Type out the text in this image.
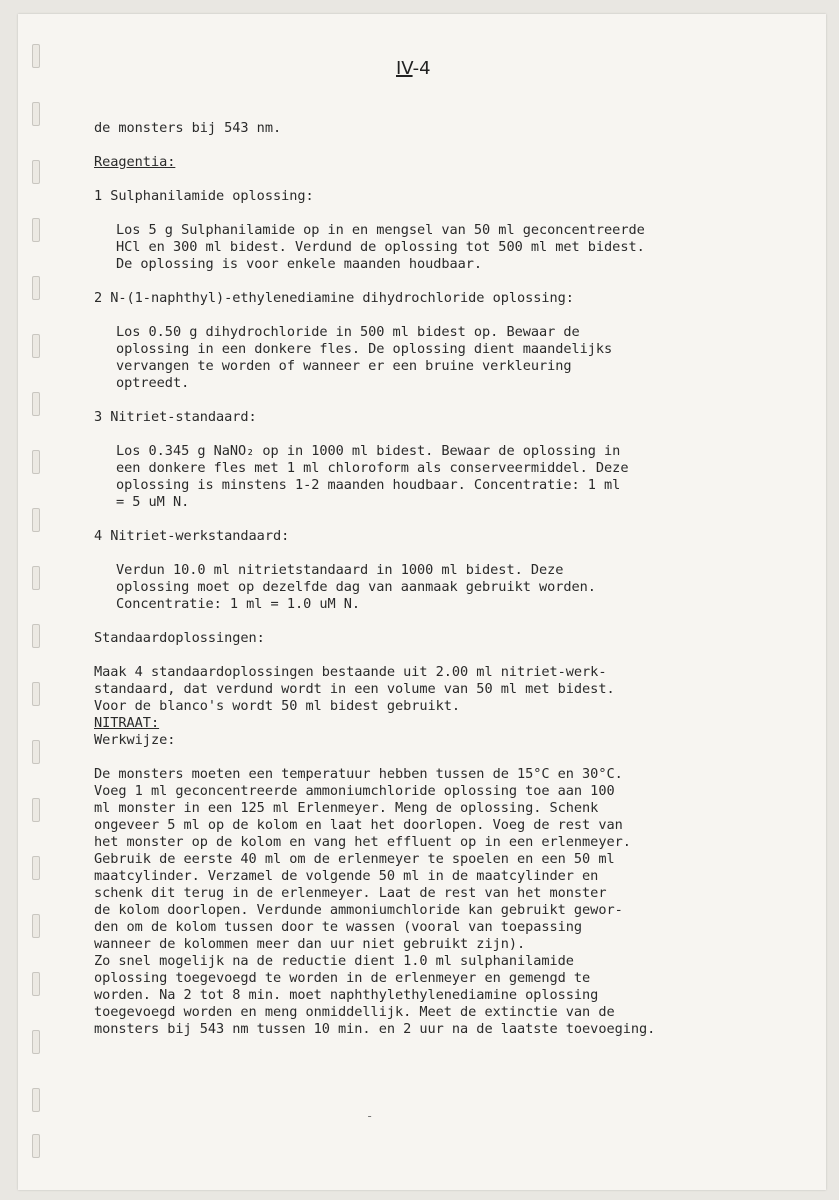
IV-4
de monsters bij 543 nm.
Reagentia:
1 Sulphanilamide oplossing:
Los 5 g Sulphanilamide op in en mengsel van 50 ml geconcentreerde
HCl en 300 ml bidest. Verdund de oplossing tot 500 ml met bidest.
De oplossing is voor enkele maanden houdbaar.
2 N-(1-naphthyl)-ethylenediamine dihydrochloride oplossing:
Los 0.50 g dihydrochloride in 500 ml bidest op. Bewaar de
oplossing in een donkere fles. De oplossing dient maandelijks
vervangen te worden of wanneer er een bruine verkleuring
optreedt.
3 Nitriet-standaard:
Los 0.345 g NaNO₂ op in 1000 ml bidest. Bewaar de oplossing in
een donkere fles met 1 ml chloroform als conserveermiddel. Deze
oplossing is minstens 1-2 maanden houdbaar. Concentratie: 1 ml
= 5 uM N.
4 Nitriet-werkstandaard:
Verdun 10.0 ml nitrietstandaard in 1000 ml bidest. Deze
oplossing moet op dezelfde dag van aanmaak gebruikt worden.
Concentratie: 1 ml = 1.0 uM N.
Standaardoplossingen:
Maak 4 standaardoplossingen bestaande uit 2.00 ml nitriet-werk-
standaard, dat verdund wordt in een volume van 50 ml met bidest.
Voor de blanco's wordt 50 ml bidest gebruikt.
NITRAAT:
Werkwijze:
De monsters moeten een temperatuur hebben tussen de 15°C en 30°C.
Voeg 1 ml geconcentreerde ammoniumchloride oplossing toe aan 100
ml monster in een 125 ml Erlenmeyer. Meng de oplossing. Schenk
ongeveer 5 ml op de kolom en laat het doorlopen. Voeg de rest van
het monster op de kolom en vang het effluent op in een erlenmeyer.
Gebruik de eerste 40 ml om de erlenmeyer te spoelen en een 50 ml
maatcylinder. Verzamel de volgende 50 ml in de maatcylinder en
schenk dit terug in de erlenmeyer. Laat de rest van het monster
de kolom doorlopen. Verdunde ammoniumchloride kan gebruikt gewor-
den om de kolom tussen door te wassen (vooral van toepassing
wanneer de kolommen meer dan uur niet gebruikt zijn).
Zo snel mogelijk na de reductie dient 1.0 ml sulphanilamide
oplossing toegevoegd te worden in de erlenmeyer en gemengd te
worden. Na 2 tot 8 min. moet naphthylethylenediamine oplossing
toegevoegd worden en meng onmiddellijk. Meet de extinctie van de
monsters bij 543 nm tussen 10 min. en 2 uur na de laatste toevoeging.
-
